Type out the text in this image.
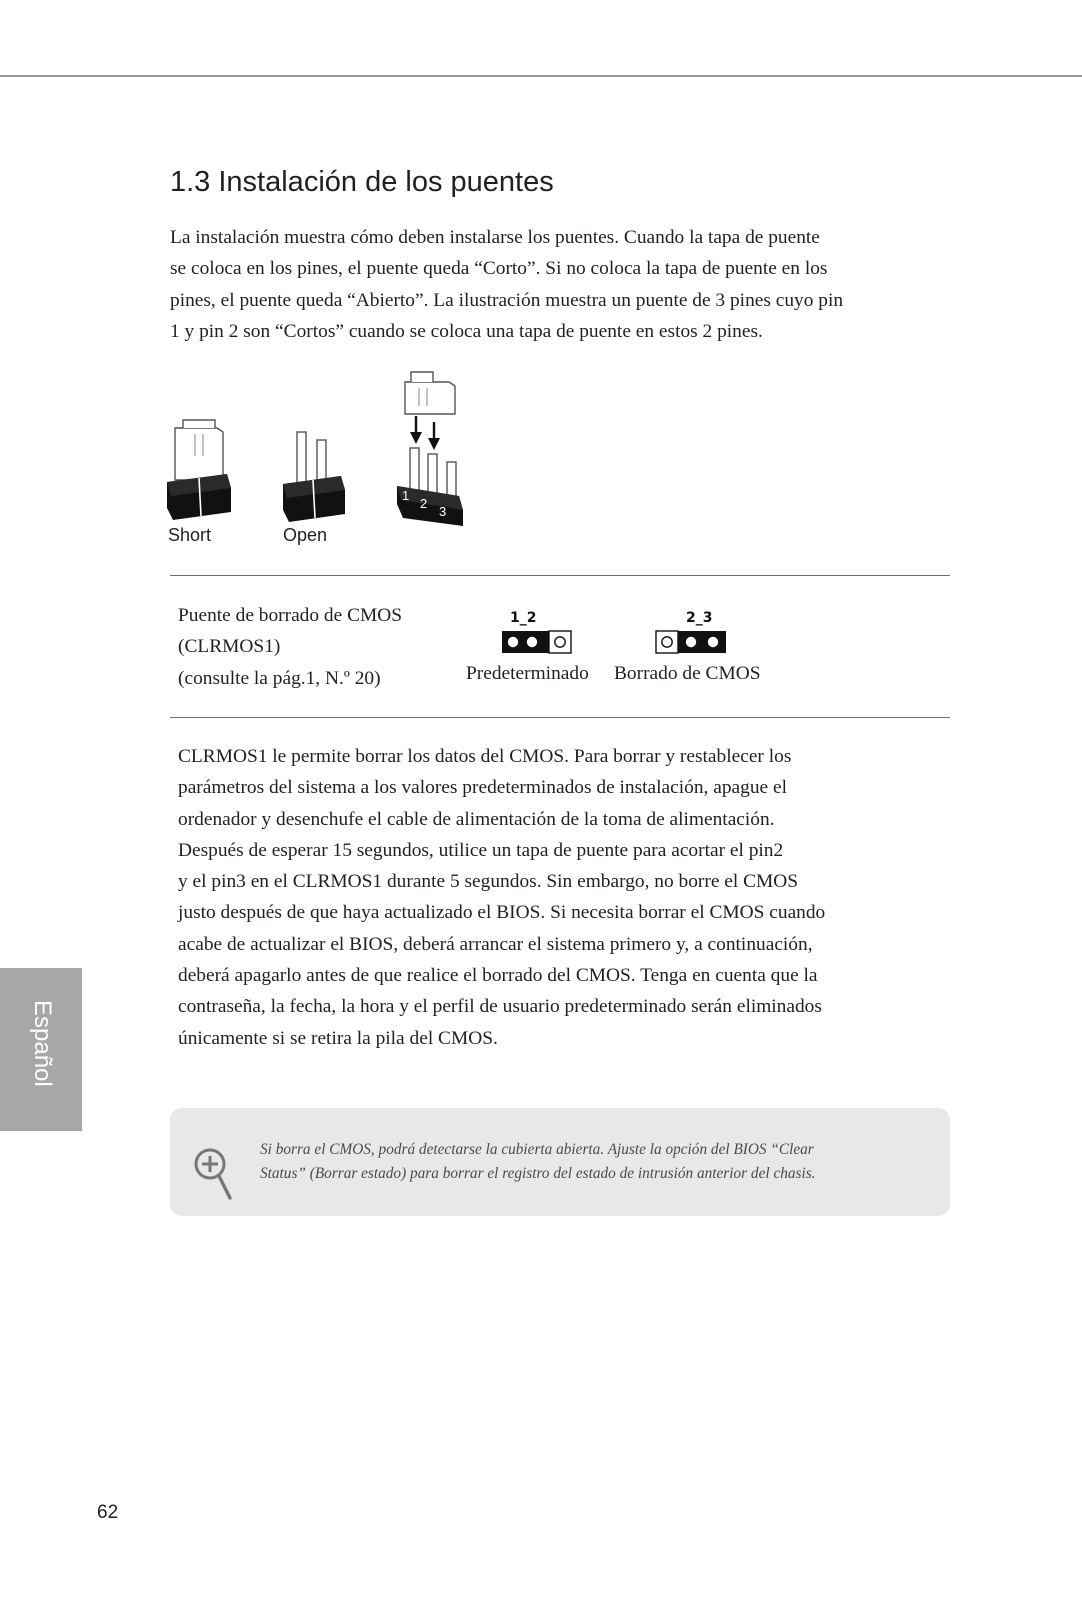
1.3 Instalación de los puentes

La instalación muestra cómo deben instalarse los puentes. Cuando la tapa de puente
se coloca en los pines, el puente queda “Corto”. Si no coloca la tapa de puente en los
pines, el puente queda “Abierto”. La ilustración muestra un puente de 3 pines cuyo pin
1 y pin 2 son “Cortos” cuando se coloca una tapa de puente en estos 2 pines.

Short	Open
1
2
3

Puente de borrado de CMOS
(CLRMOS1)
(consulte la pág.1, N.º 20)

1_2
Predeterminado
2_3
Borrado de CMOS

CLRMOS1 le permite borrar los datos del CMOS. Para borrar y restablecer los
parámetros del sistema a los valores predeterminados de instalación, apague el
ordenador y desenchufe el cable de alimentación de la toma de alimentación.
Después de esperar 15 segundos, utilice un tapa de puente para acortar el pin2
y el pin3 en el CLRMOS1 durante 5 segundos. Sin embargo, no borre el CMOS
justo después de que haya actualizado el BIOS. Si necesita borrar el CMOS cuando
acabe de actualizar el BIOS, deberá arrancar el sistema primero y, a continuación,
deberá apagarlo antes de que realice el borrado del CMOS. Tenga en cuenta que la
contraseña, la fecha, la hora y el perfil de usuario predeterminado serán eliminados
únicamente si se retira la pila del CMOS.

Si borra el CMOS, podrá detectarse la cubierta abierta. Ajuste la opción del BIOS “Clear
Status” (Borrar estado) para borrar el registro del estado de intrusión anterior del chasis.

Español

62
